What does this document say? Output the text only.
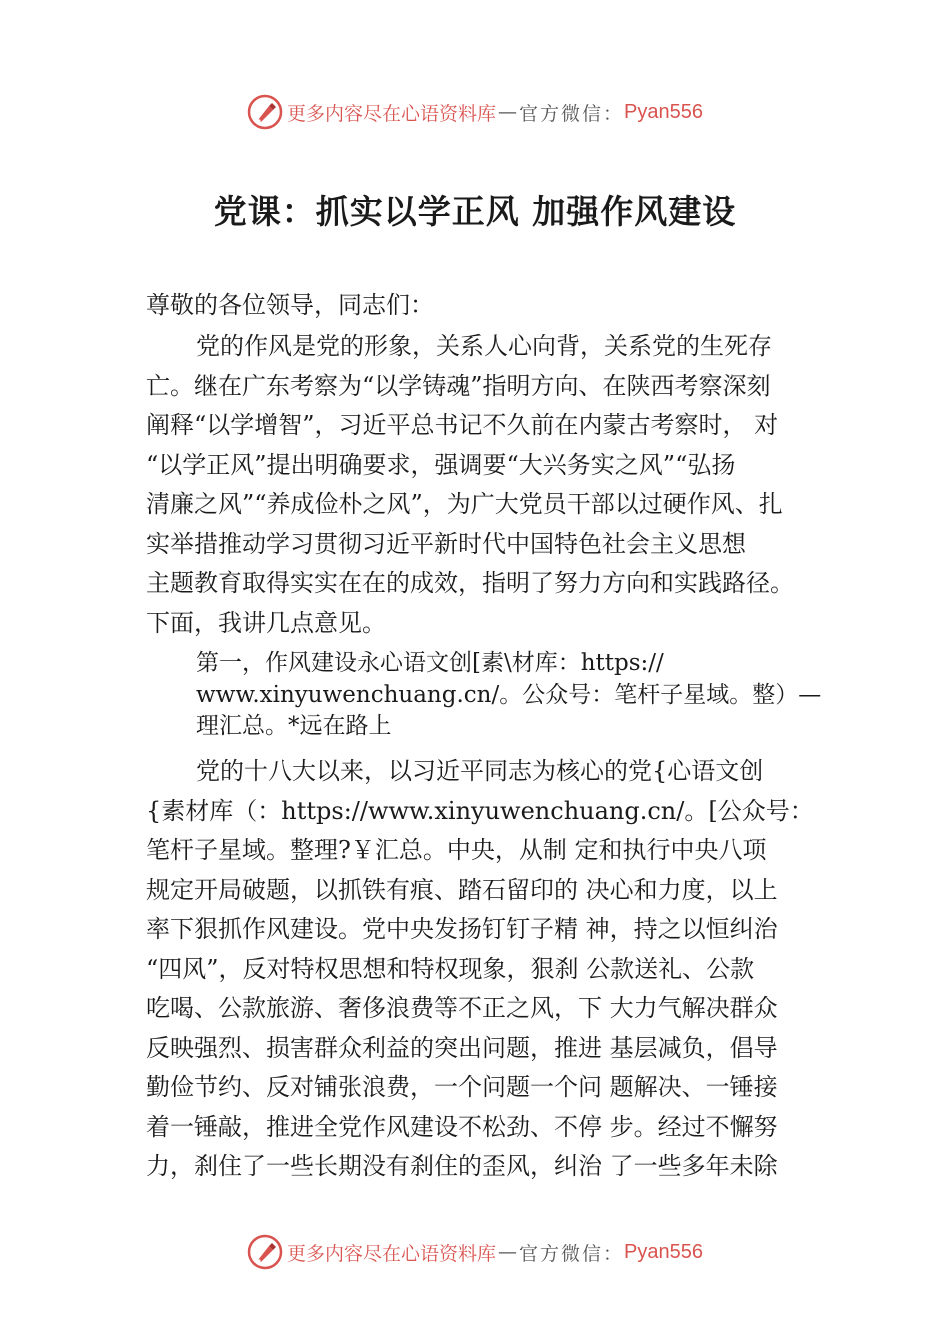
更多内容尽在心语资料库 — 官方微信： Pyan556
党课：抓实以学正风 加强作风建设
尊敬的各位领导，同志们：
党的作风是党的形象，关系人心向背，关系党的生死存
亡。继在广东考察为“以学铸魂”指明方向、在陕西考察深刻
阐释“以学增智”，习近平总书记不久前在内蒙古考察时， 对
“以学正风”提出明确要求，强调要“大兴务实之风”“弘扬
清廉之风”“养成俭朴之风”，为广大党员干部以过硬作风、扎
实举措推动学习贯彻习近平新时代中国特色社会主义思想
主题教育取得实实在在的成效，指明了努力方向和实践路径。
下面，我讲几点意见。
第一，作风建设永心语文创[素\材库：https://
www.xinyuwenchuang.cn/。公众号：笔杆子星域。整）—
理汇总。*远在路上
党的十八大以来，以习近平同志为核心的党{心语文创
{素材库（：https://www.xinyuwenchuang.cn/。[公众号：
笔杆子星域。整理?￥汇总。中央，从制 定和执行中央八项
规定开局破题，以抓铁有痕、踏石留印的 决心和力度，以上
率下狠抓作风建设。党中央发扬钉钉子精 神，持之以恒纠治
“四风”，反对特权思想和特权现象，狠刹 公款送礼、公款
吃喝、公款旅游、奢侈浪费等不正之风，下 大力气解决群众
反映强烈、损害群众利益的突出问题，推进 基层减负，倡导
勤俭节约、反对铺张浪费，一个问题一个问 题解决、一锤接
着一锤敲，推进全党作风建设不松劲、不停 步。经过不懈努
力，刹住了一些长期没有刹住的歪风，纠治 了一些多年未除
更多内容尽在心语资料库 — 官方微信： Pyan556
